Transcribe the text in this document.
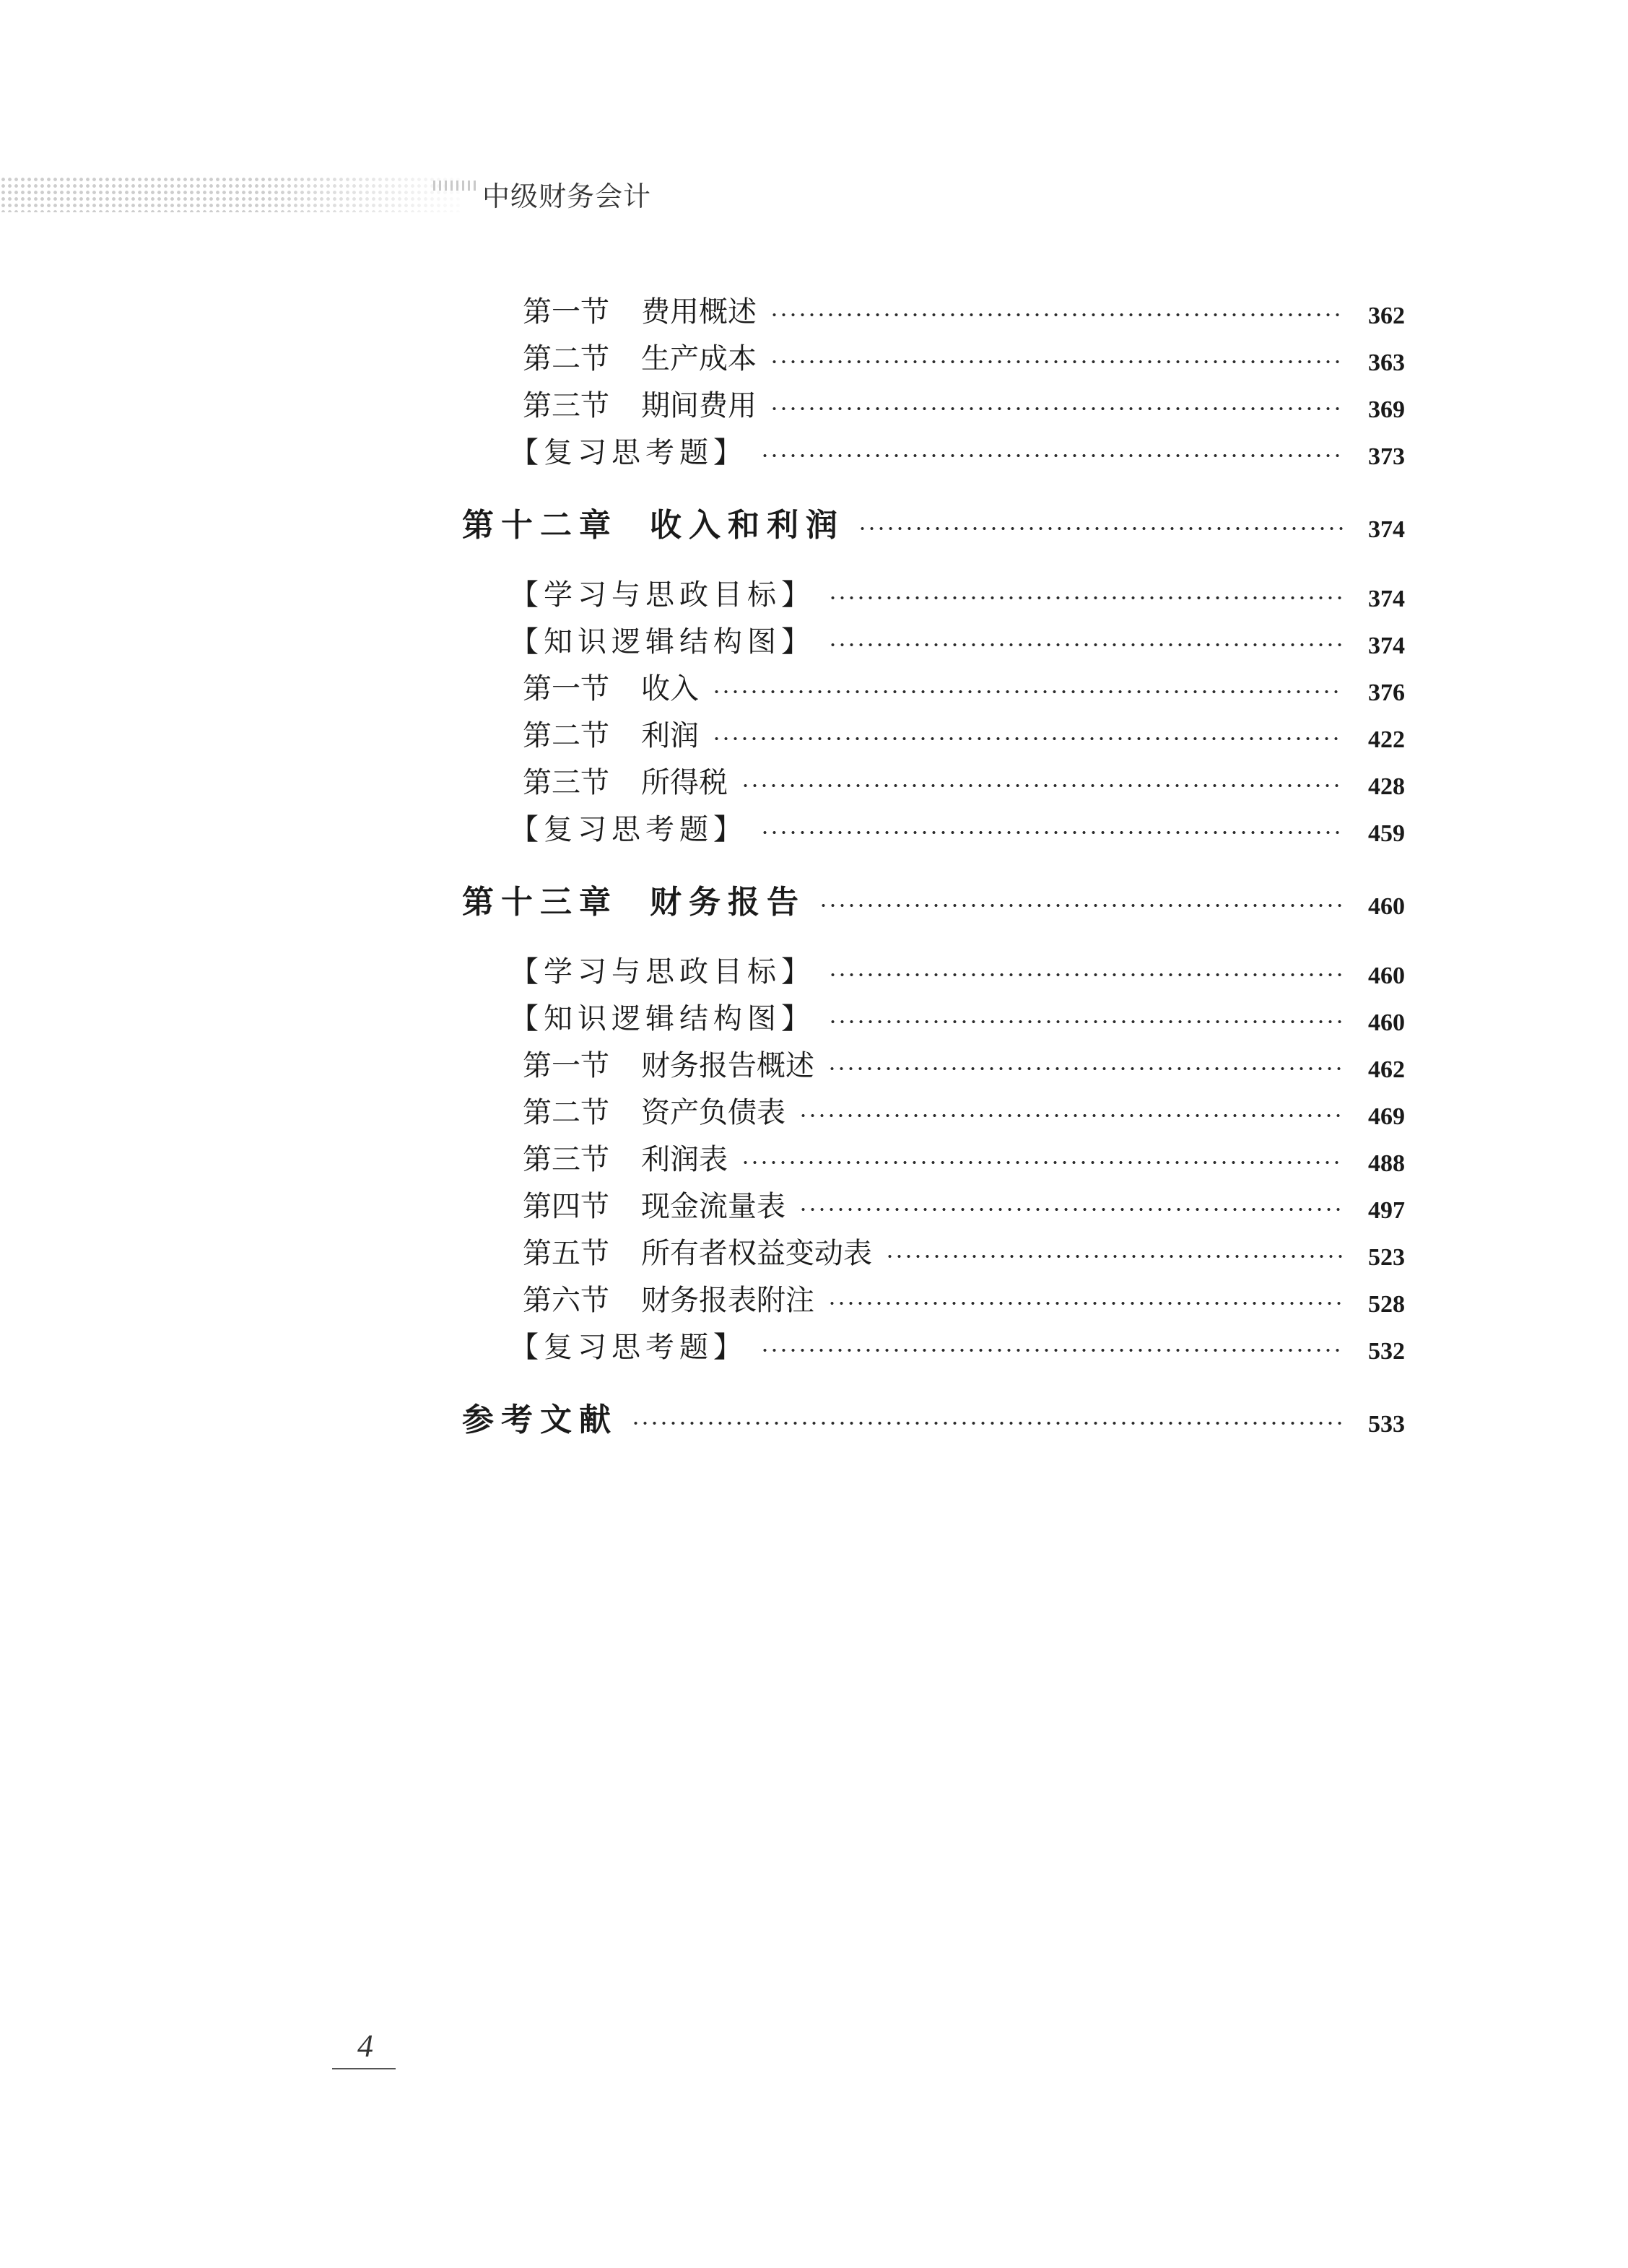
中级财务会计
第一节 费用概述	362
第二节 生产成本	363
第三节 期间费用	369
【复习思考题】	373
第十二章 收入和利润	374
【学习与思政目标】	374
【知识逻辑结构图】	374
第一节 收入	376
第二节 利润	422
第三节 所得税	428
【复习思考题】	459
第十三章 财务报告	460
【学习与思政目标】	460
【知识逻辑结构图】	460
第一节 财务报告概述	462
第二节 资产负债表	469
第三节 利润表	488
第四节 现金流量表	497
第五节 所有者权益变动表	523
第六节 财务报表附注	528
【复习思考题】	532
参考文献	533
4
